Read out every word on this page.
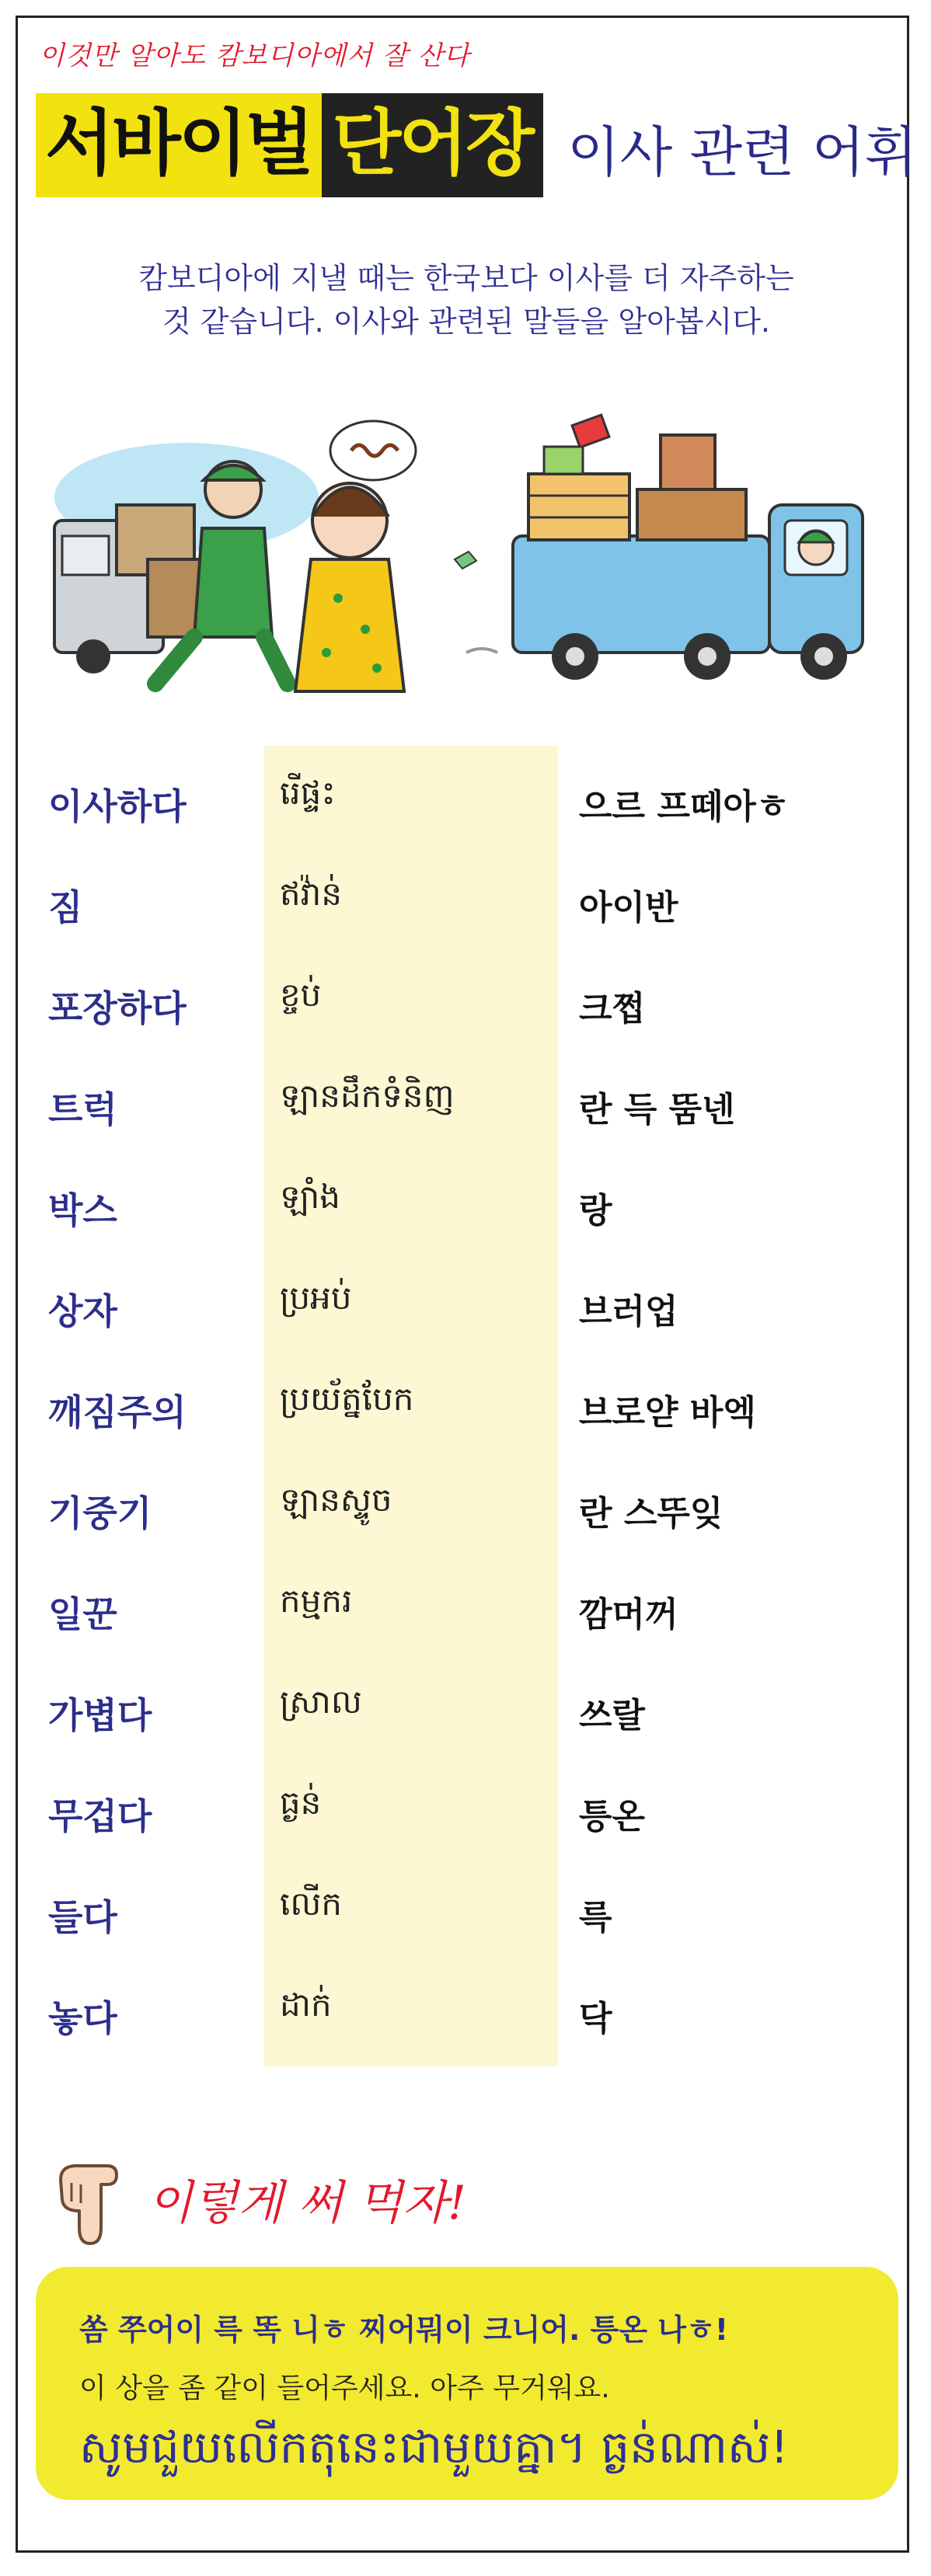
이것만 알아도 캄보디아에서 잘 산다
서바이벌 단어장 이사 관련 어휘
캄보디아에 지낼 때는 한국보다 이사를 더 자주하는
것 같습니다. 이사와 관련된 말들을 알아봅시다.
이사하다	រើផ្ទះ	으르 프떼아ㅎ
짐	ឥវ៉ាន់	아이반
포장하다	ខ្ចប់	크쩝
트럭	ឡានដឹកទំនិញ	란 득 뚬넨
박스	ឡាំង	랑
상자	ប្រអប់	브러업
깨짐주의	ប្រយ័ត្នបែក	브로얃 바엑
기중기	ឡានស្ទូច	란 스뚜잊
일꾼	កម្មករ	깜머꺼
가볍다	ស្រាល	쓰랄
무겁다	ធ្ងន់	틍온
들다	លើក	륵
놓다	ដាក់	닥
이렇게 써 먹자!
쏨 쭈어이 륵 똑 니ㅎ 찌어뭐이 크니어. 틍온 나ㅎ!
이 상을 좀 같이 들어주세요. 아주 무거워요.
សូមជួយលើកតុនេះជាមួយគ្នា។ ធ្ងន់ណាស់!
